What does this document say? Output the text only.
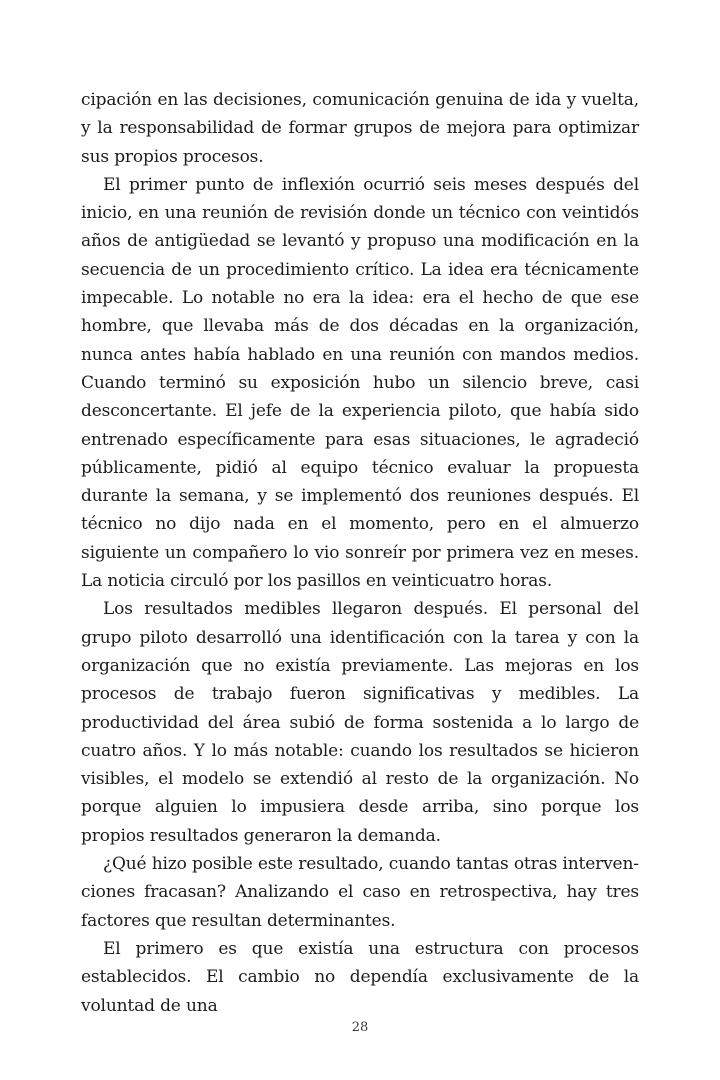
cipación en las decisiones, comunicación genuina de ida y vuelta, y la responsabilidad de formar grupos de mejora para optimizar sus propios procesos.

El primer punto de inflexión ocurrió seis meses después del inicio, en una reunión de revisión donde un técnico con veintidós años de antigüedad se levantó y propuso una modificación en la secuencia de un procedimiento crítico. La idea era técnicamente impecable. Lo notable no era la idea: era el hecho de que ese hombre, que llevaba más de dos décadas en la organización, nunca antes había hablado en una reunión con mandos medios. Cuando terminó su exposición hubo un silencio breve, casi desconcertante. El jefe de la experiencia piloto, que había sido entrenado específicamente para esas situaciones, le agradeció públicamente, pidió al equipo técnico evaluar la propuesta durante la semana, y se implementó dos reuniones después. El técnico no dijo nada en el momento, pero en el almuerzo siguiente un compañero lo vio sonreír por primera vez en meses. La noticia circuló por los pasillos en veinticuatro horas.

Los resultados medibles llegaron después. El personal del grupo piloto desarrolló una identificación con la tarea y con la organización que no existía previamente. Las mejoras en los procesos de trabajo fueron significativas y medibles. La productividad del área subió de forma sostenida a lo largo de cuatro años. Y lo más notable: cuando los resultados se hicieron visibles, el modelo se extendió al resto de la organización. No porque alguien lo impusiera desde arriba, sino porque los propios resultados generaron la demanda.

¿Qué hizo posible este resultado, cuando tantas otras intervenciones fracasan? Analizando el caso en retrospectiva, hay tres factores que resultan determinantes.

El primero es que existía una estructura con procesos establecidos. El cambio no dependía exclusivamente de la voluntad de una

28
